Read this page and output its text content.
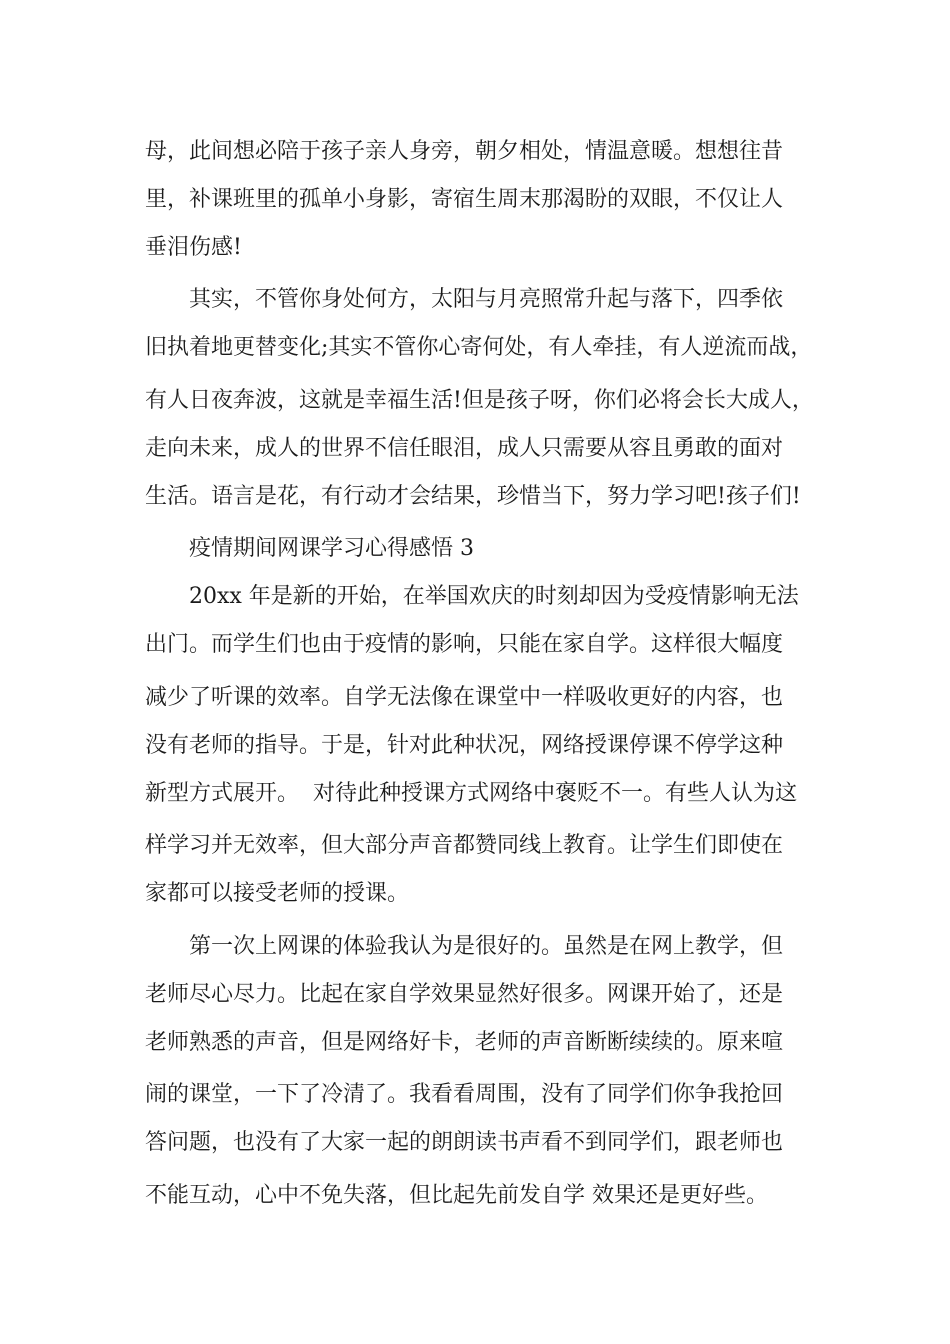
母，此间想必陪于孩子亲人身旁，朝夕相处，情温意暖。想想往昔
里，补课班里的孤单小身影，寄宿生周末那渴盼的双眼，不仅让人
垂泪伤感!
其实，不管你身处何方，太阳与月亮照常升起与落下，四季依
旧执着地更替变化;其实不管你心寄何处，有人牵挂，有人逆流而战，
有人日夜奔波，这就是幸福生活!但是孩子呀，你们必将会长大成人，
走向未来，成人的世界不信任眼泪，成人只需要从容且勇敢的面对
生活。语言是花，有行动才会结果，珍惜当下，努力学习吧!孩子们!
疫情期间网课学习心得感悟 3
20xx 年是新的开始，在举国欢庆的时刻却因为受疫情影响无法
出门。而学生们也由于疫情的影响，只能在家自学。这样很大幅度
减少了听课的效率。自学无法像在课堂中一样吸收更好的内容，也
没有老师的指导。于是，针对此种状况，网络授课停课不停学这种
新型方式展开。  对待此种授课方式网络中褒贬不一。有些人认为这
样学习并无效率，但大部分声音都赞同线上教育。让学生们即使在
家都可以接受老师的授课。
第一次上网课的体验我认为是很好的。虽然是在网上教学，但
老师尽心尽力。比起在家自学效果显然好很多。网课开始了，还是
老师熟悉的声音，但是网络好卡，老师的声音断断续续的。原来喧
闹的课堂，一下了冷清了。我看看周围，没有了同学们你争我抢回
答问题，也没有了大家一起的朗朗读书声看不到同学们，跟老师也
不能互动，心中不免失落，但比起先前发自学 效果还是更好些。
